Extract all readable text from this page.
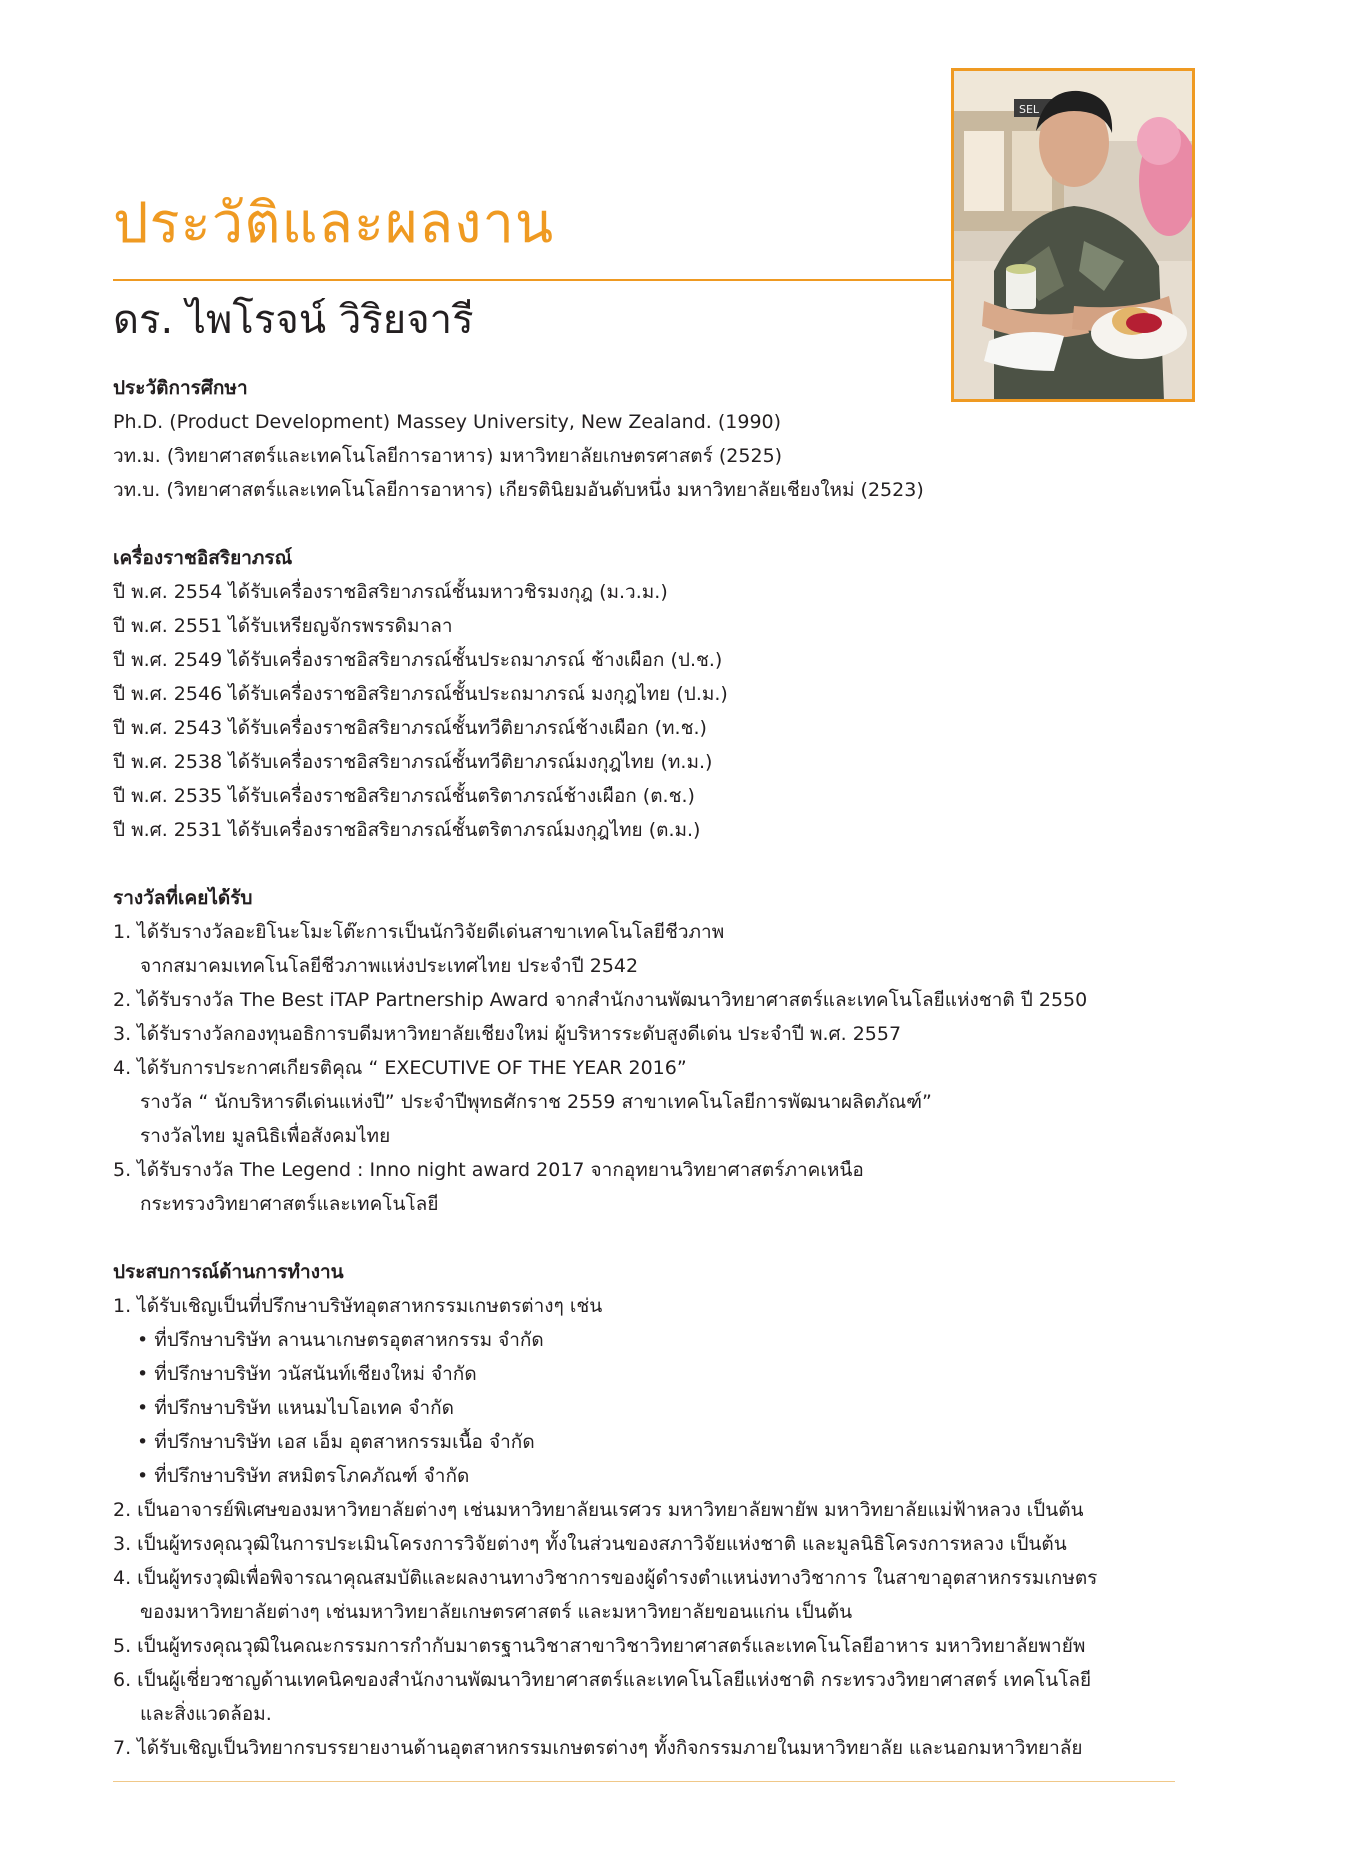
ประวัติและผลงาน
ดร. ไพโรจน์ วิริยจารี
SEL

ประวัติการศึกษา

Ph.D. (Product Development) Massey University, New Zealand. (1990)

วท.ม. (วิทยาศาสตร์และเทคโนโลยีการอาหาร) มหาวิทยาลัยเกษตรศาสตร์ (2525)

วท.บ. (วิทยาศาสตร์และเทคโนโลยีการอาหาร) เกียรตินิยมอันดับหนึ่ง มหาวิทยาลัยเชียงใหม่ (2523)

เครื่องราชอิสริยาภรณ์

ปี พ.ศ. 2554 ได้รับเครื่องราชอิสริยาภรณ์ชั้นมหาวชิรมงกุฎ (ม.ว.ม.)

ปี พ.ศ. 2551 ได้รับเหรียญจักรพรรดิมาลา

ปี พ.ศ. 2549 ได้รับเครื่องราชอิสริยาภรณ์ชั้นประถมาภรณ์ ช้างเผือก (ป.ช.)

ปี พ.ศ. 2546 ได้รับเครื่องราชอิสริยาภรณ์ชั้นประถมาภรณ์ มงกุฎไทย (ป.ม.)

ปี พ.ศ. 2543 ได้รับเครื่องราชอิสริยาภรณ์ชั้นทวีติยาภรณ์ช้างเผือก (ท.ช.)

ปี พ.ศ. 2538 ได้รับเครื่องราชอิสริยาภรณ์ชั้นทวีติยาภรณ์มงกุฎไทย (ท.ม.)

ปี พ.ศ. 2535 ได้รับเครื่องราชอิสริยาภรณ์ชั้นตริตาภรณ์ช้างเผือก (ต.ช.)

ปี พ.ศ. 2531 ได้รับเครื่องราชอิสริยาภรณ์ชั้นตริตาภรณ์มงกุฎไทย (ต.ม.)

รางวัลที่เคยได้รับ

1. ได้รับรางวัลอะยิโนะโมะโต๊ะการเป็นนักวิจัยดีเด่นสาขาเทคโนโลยีชีวภาพ

จากสมาคมเทคโนโลยีชีวภาพแห่งประเทศไทย ประจำปี 2542

2. ได้รับรางวัล The Best iTAP Partnership Award จากสำนักงานพัฒนาวิทยาศาสตร์และเทคโนโลยีแห่งชาติ ปี 2550

3. ได้รับรางวัลกองทุนอธิการบดีมหาวิทยาลัยเชียงใหม่ ผู้บริหารระดับสูงดีเด่น ประจำปี พ.ศ. 2557

4. ได้รับการประกาศเกียรติคุณ “ EXECUTIVE OF THE YEAR 2016”

รางวัล “ นักบริหารดีเด่นแห่งปี” ประจำปีพุทธศักราช 2559 สาขาเทคโนโลยีการพัฒนาผลิตภัณฑ์”

รางวัลไทย มูลนิธิเพื่อสังคมไทย

5. ได้รับรางวัล The Legend : Inno night award 2017 จากอุทยานวิทยาศาสตร์ภาคเหนือ

กระทรวงวิทยาศาสตร์และเทคโนโลยี

ประสบการณ์ด้านการทำงาน

1. ได้รับเชิญเป็นที่ปรึกษาบริษัทอุตสาหกรรมเกษตรต่างๆ เช่น

• ที่ปรึกษาบริษัท ลานนาเกษตรอุตสาหกรรม จำกัด

• ที่ปรึกษาบริษัท วนัสนันท์เชียงใหม่ จำกัด

• ที่ปรึกษาบริษัท แหนมไบโอเทค จำกัด

• ที่ปรึกษาบริษัท เอส เอ็ม อุตสาหกรรมเนื้อ จำกัด

• ที่ปรึกษาบริษัท สหมิตรโภคภัณฑ์ จำกัด

2. เป็นอาจารย์พิเศษของมหาวิทยาลัยต่างๆ เช่นมหาวิทยาลัยนเรศวร มหาวิทยาลัยพายัพ มหาวิทยาลัยแม่ฟ้าหลวง เป็นต้น

3. เป็นผู้ทรงคุณวุฒิในการประเมินโครงการวิจัยต่างๆ ทั้งในส่วนของสภาวิจัยแห่งชาติ และมูลนิธิโครงการหลวง เป็นต้น

4. เป็นผู้ทรงวุฒิเพื่อพิจารณาคุณสมบัติและผลงานทางวิชาการของผู้ดำรงตำแหน่งทางวิชาการ ในสาขาอุตสาหกรรมเกษตร

ของมหาวิทยาลัยต่างๆ เช่นมหาวิทยาลัยเกษตรศาสตร์ และมหาวิทยาลัยขอนแก่น เป็นต้น

5. เป็นผู้ทรงคุณวุฒิในคณะกรรมการกำกับมาตรฐานวิชาสาขาวิชาวิทยาศาสตร์และเทคโนโลยีอาหาร มหาวิทยาลัยพายัพ

6. เป็นผู้เชี่ยวชาญด้านเทคนิคของสำนักงานพัฒนาวิทยาศาสตร์และเทคโนโลยีแห่งชาติ กระทรวงวิทยาศาสตร์ เทคโนโลยี

และสิ่งแวดล้อม.

7. ได้รับเชิญเป็นวิทยากรบรรยายงานด้านอุตสาหกรรมเกษตรต่างๆ ทั้งกิจกรรมภายในมหาวิทยาลัย และนอกมหาวิทยาลัย
